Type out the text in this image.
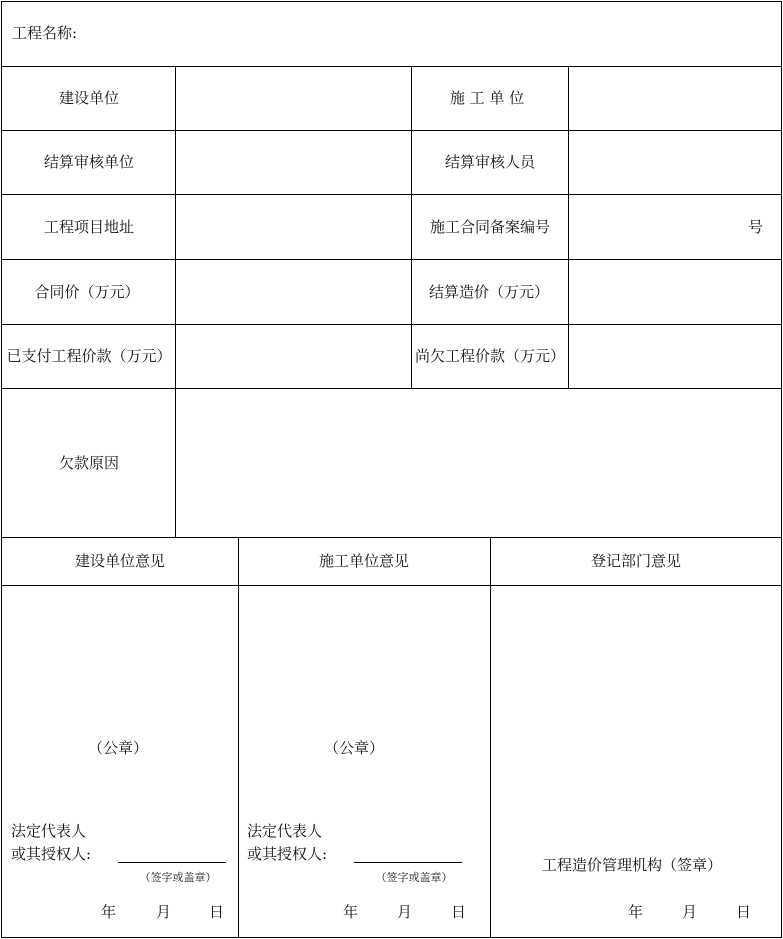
工程名称:
建设单位	施 工 单 位
结算审核单位	结算审核人员
工程项目地址	施工合同备案编号	号
合同价（万元）	结算造价（万元）
已支付工程价款（万元）	尚欠工程价款（万元）
欠款原因
建设单位意见	施工单位意见	登记部门意见
（公章）
法定代表人
或其授权人:
（签字或盖章）
年	月	日
（公章）
法定代表人
或其授权人:
（签字或盖章）
年	月	日
工程造价管理机构（签章）
年	月	日
